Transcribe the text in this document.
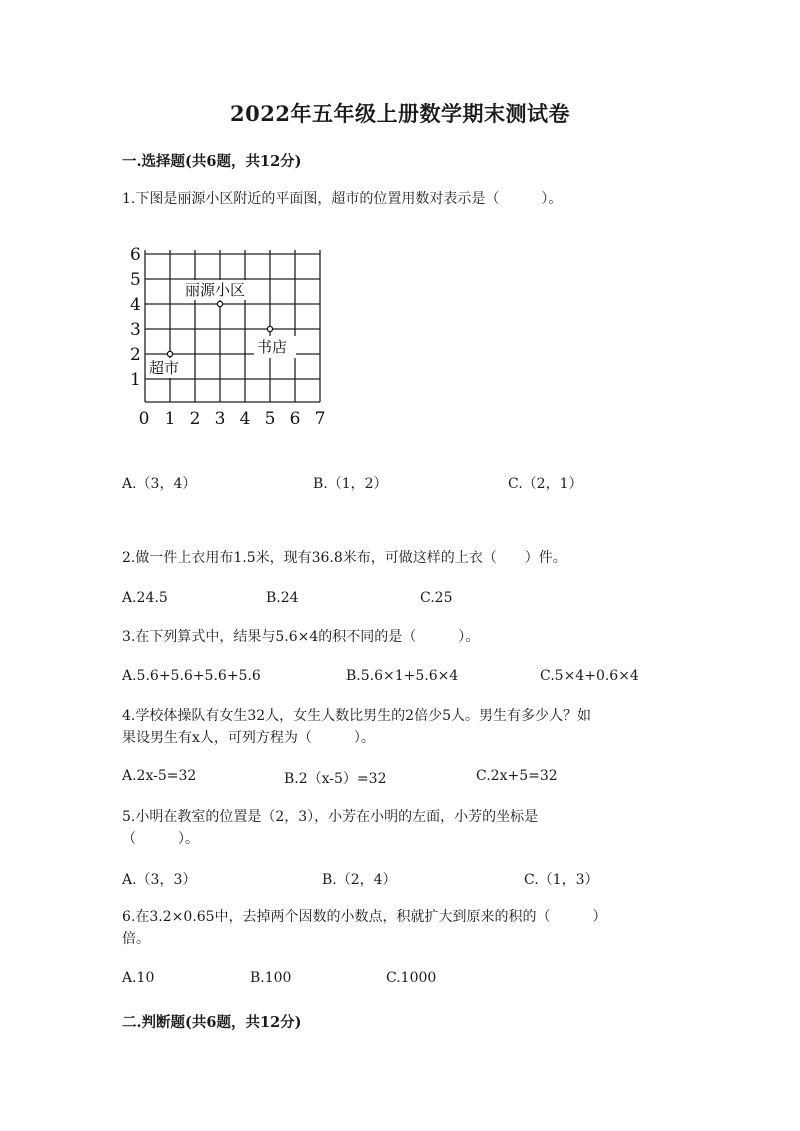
2022年五年级上册数学期末测试卷
一.选择题(共6题，共12分)
1.下图是丽源小区附近的平面图，超市的位置用数对表示是（　　　）。
6
5
4
3
2
1
0 1 2 3 4 5 6 7
丽源小区
书店
超市
A.（3，4）	B.（1，2）	C.（2，1）
2.做一件上衣用布1.5米，现有36.8米布，可做这样的上衣（　　）件。
A.24.5	B.24	C.25
3.在下列算式中，结果与5.6×4的积不同的是（　　　）。
A.5.6+5.6+5.6+5.6	B.5.6×1+5.6×4	C.5×4+0.6×4
4.学校体操队有女生32人，女生人数比男生的2倍少5人。男生有多少人？如
果设男生有x人，可列方程为（　　　）。
A.2x-5=32	B.2（x-5）=32	C.2x+5=32
5.小明在教室的位置是（2，3），小芳在小明的左面，小芳的坐标是
（　　　）。
A.（3，3）	B.（2，4）	C.（1，3）
6.在3.2×0.65中，去掉两个因数的小数点，积就扩大到原来的积的（　　　）
倍。
A.10	B.100	C.1000
二.判断题(共6题，共12分)
